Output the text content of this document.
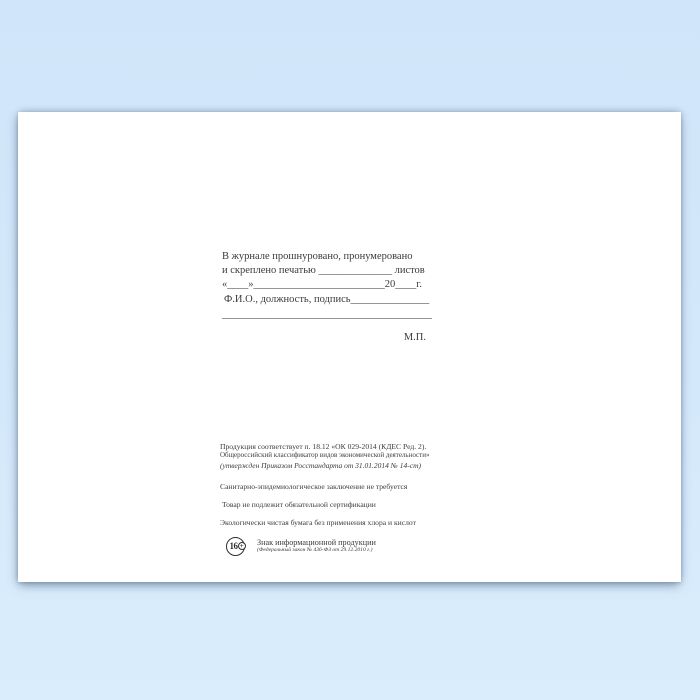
В журнале прошнуровано, пронумеровано
и скреплено печатью ______________ листов
«____»_________________________20____г.
Ф.И.О., должность, подпись_______________
________________________________________
М.П.
Продукция соответствует п. 18.12 «ОК 029-2014 (КДЕС Ред. 2).
Общероссийский классификатор видов экономической деятельности»
(утвержден Приказом Росстандарта от 31.01.2014 № 14-ст)
Санитарно-эпидемиологическое заключение не требуется
Товар не подлежит обязательной сертификации
Экологически чистая бумага без применения хлора и кислот
16 + Знак информационной продукции
(Федеральный закон № 436-ФЗ от 29.12.2010 г.)
